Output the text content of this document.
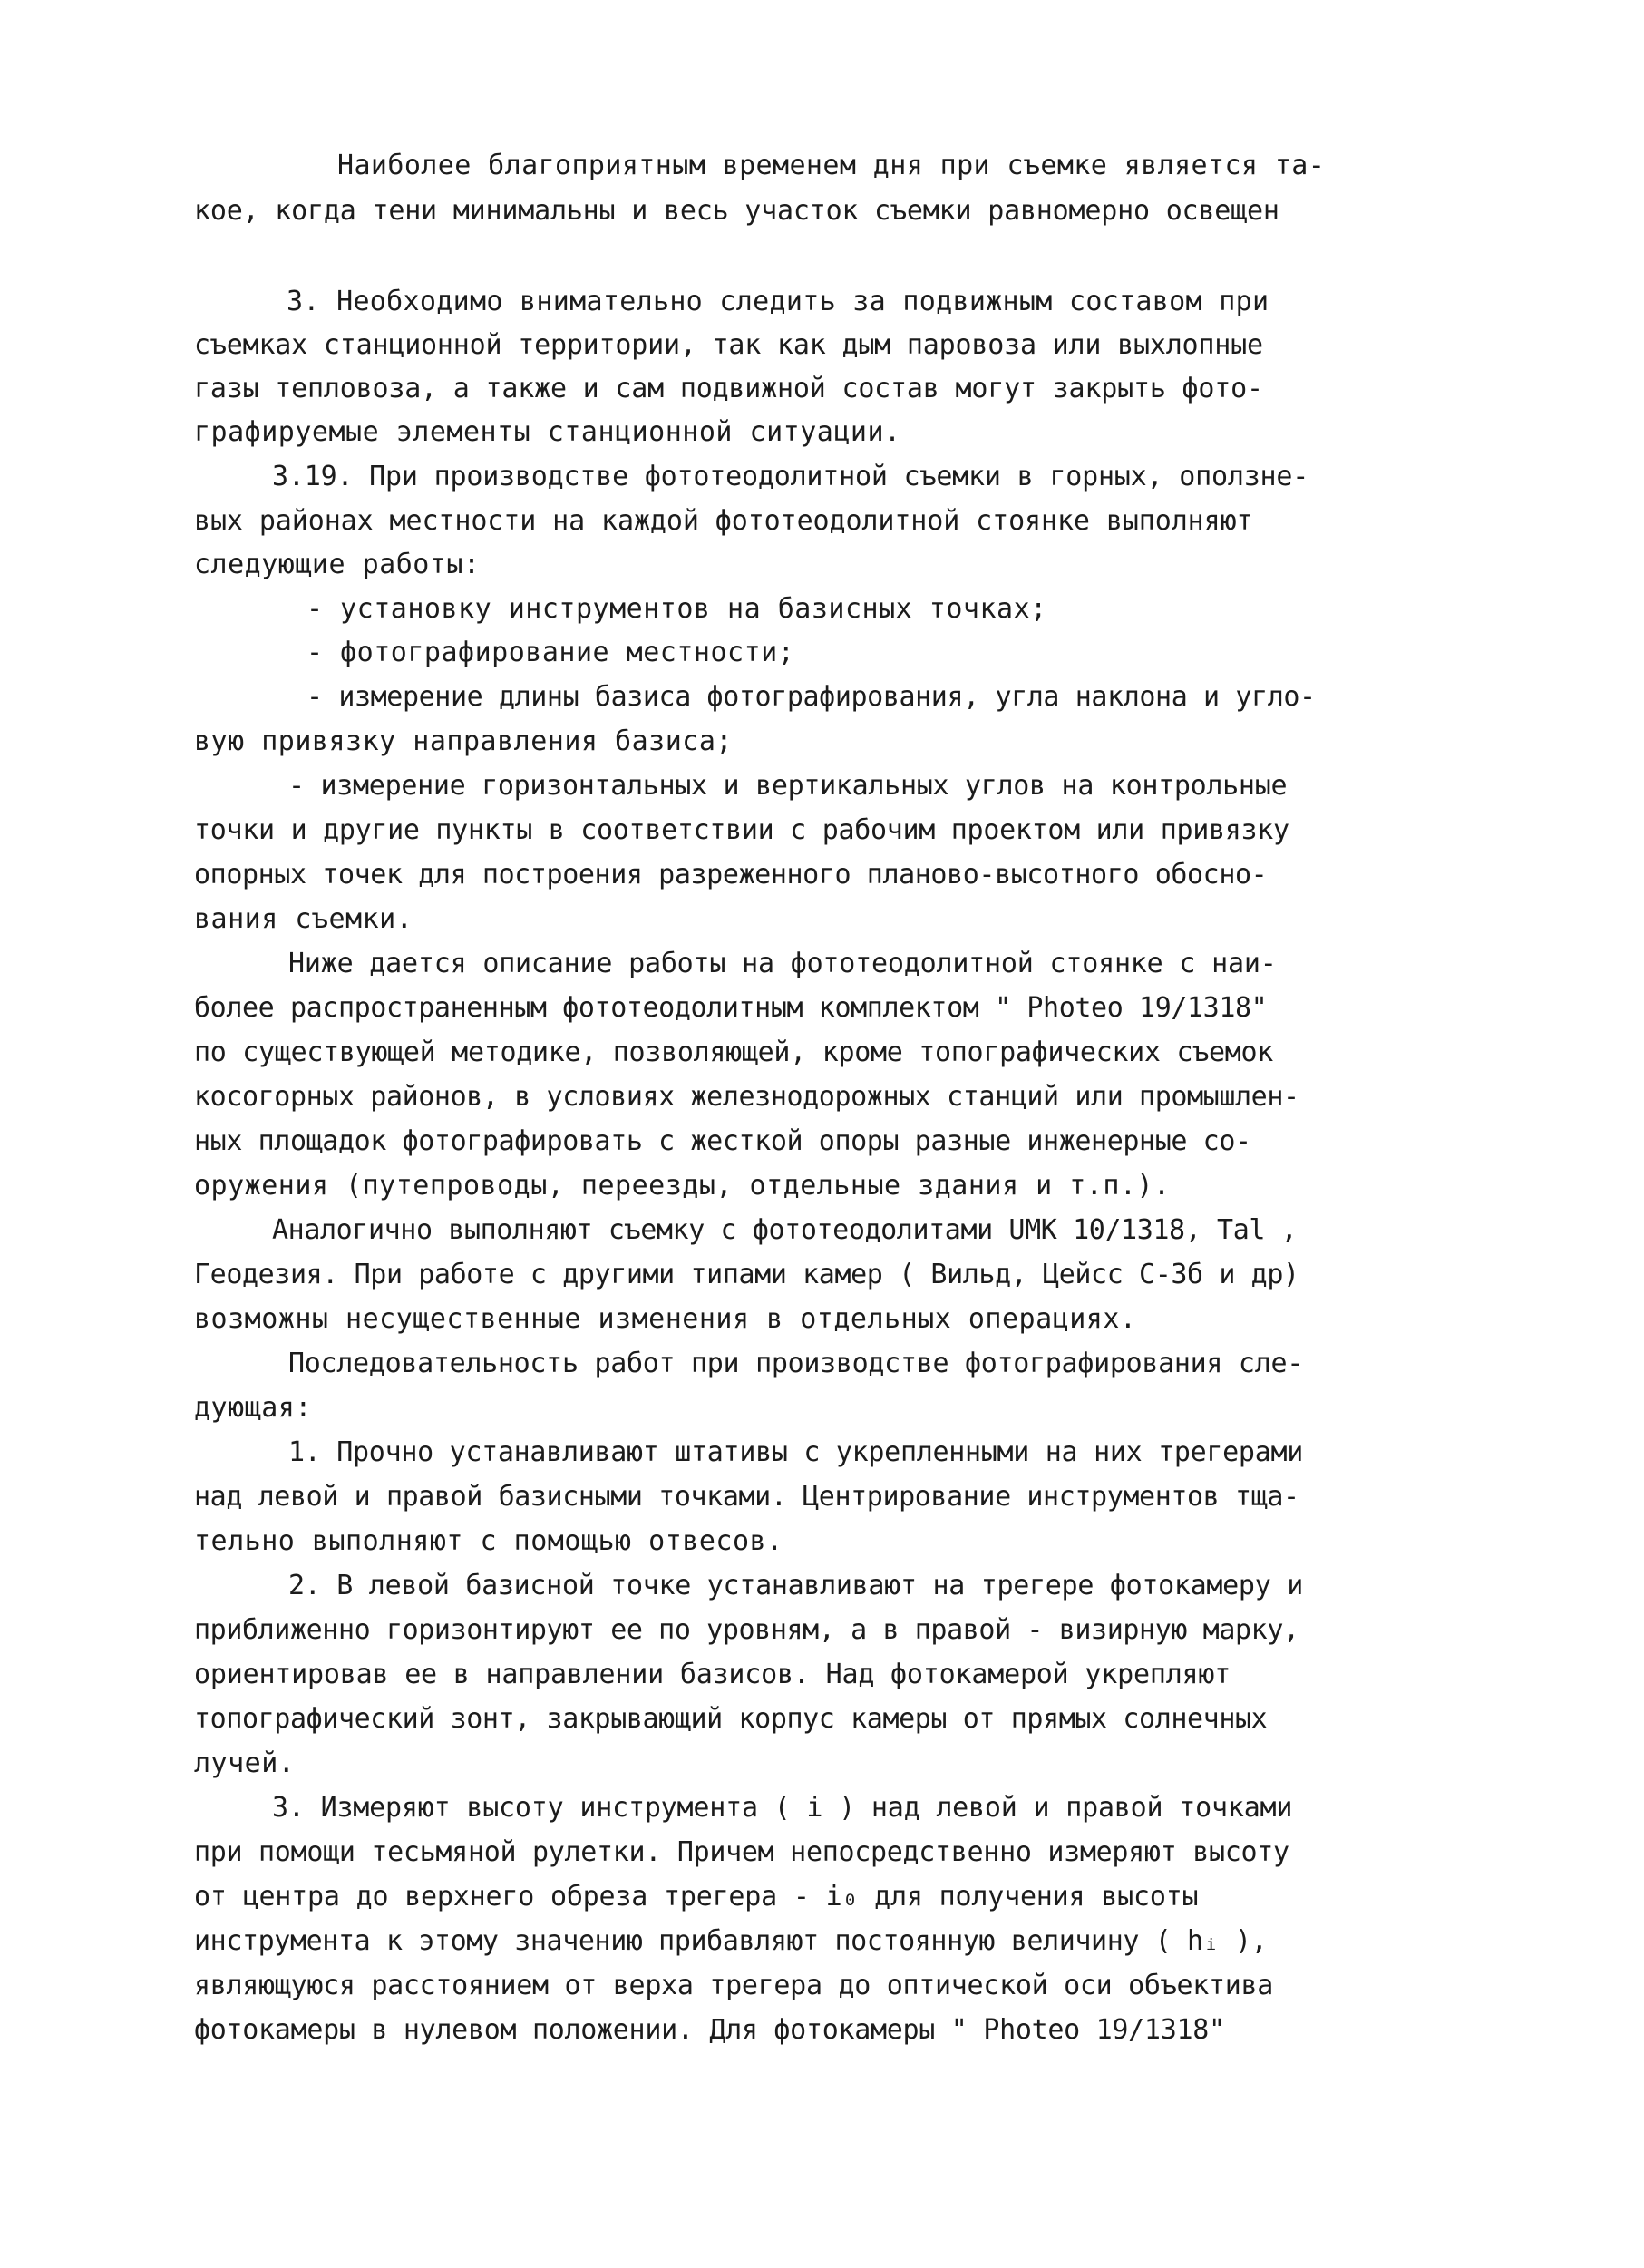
Наиболее благоприятным временем дня при съемке является та-
кое, когда тени минимальны и весь участок съемки равномерно освещен
3. Необходимо внимательно следить за подвижным составом при
съемках станционной территории, так как дым паровоза или выхлопные
газы тепловоза, а также и сам подвижной состав могут закрыть фото-
графируемые элементы станционной ситуации.
3.19. При производстве фототеодолитной съемки в горных, оползне-
вых районах местности на каждой фототеодолитной стоянке выполняют
следующие работы:
- установку инструментов на базисных точках;
- фотографирование местности;
- измерение длины базиса фотографирования, угла наклона и угло-
вую привязку направления базиса;
- измерение горизонтальных и вертикальных углов на контрольные
точки и другие пункты в соответствии с рабочим проектом или привязку
опорных точек для построения разреженного планово-высотного обосно-
вания съемки.
Ниже дается описание работы на фототеодолитной стоянке с наи-
более распространенным фототеодолитным комплектом " Photeo 19/1318"
по существующей методике, позволяющей, кроме топографических съемок
косогорных районов, в условиях железнодорожных станций или промышлен-
ных площадок фотографировать с жесткой опоры разные инженерные со-
оружения (путепроводы, переезды, отдельные здания и т.п.).
Аналогично выполняют съемку с фототеодолитами UMK 10/1318, Tal ,
Геодезия. При работе с другими типами камер ( Вильд, Цейсс С-3б и др)
возможны несущественные изменения в отдельных операциях.
Последовательность работ при производстве фотографирования сле-
дующая:
1. Прочно устанавливают штативы с укрепленными на них трегерами
над левой и правой базисными точками. Центрирование инструментов тща-
тельно выполняют с помощью отвесов.
2. В левой базисной точке устанавливают на трегере фотокамеру и
приближенно горизонтируют ее по уровням, а в правой - визирную марку,
ориентировав ее в направлении базисов. Над фотокамерой укрепляют
топографический зонт, закрывающий корпус камеры от прямых солнечных
лучей.
3. Измеряют высоту инструмента ( i ) над левой и правой точками
при помощи тесьмяной рулетки. Причем непосредственно измеряют высоту
от центра до верхнего обреза трегера - i₀ для получения высоты
инструмента к этому значению прибавляют постоянную величину ( hᵢ ),
являющуюся расстоянием от верха трегера до оптической оси объектива
фотокамеры в нулевом положении. Для фотокамеры " Photeo 19/1318"
